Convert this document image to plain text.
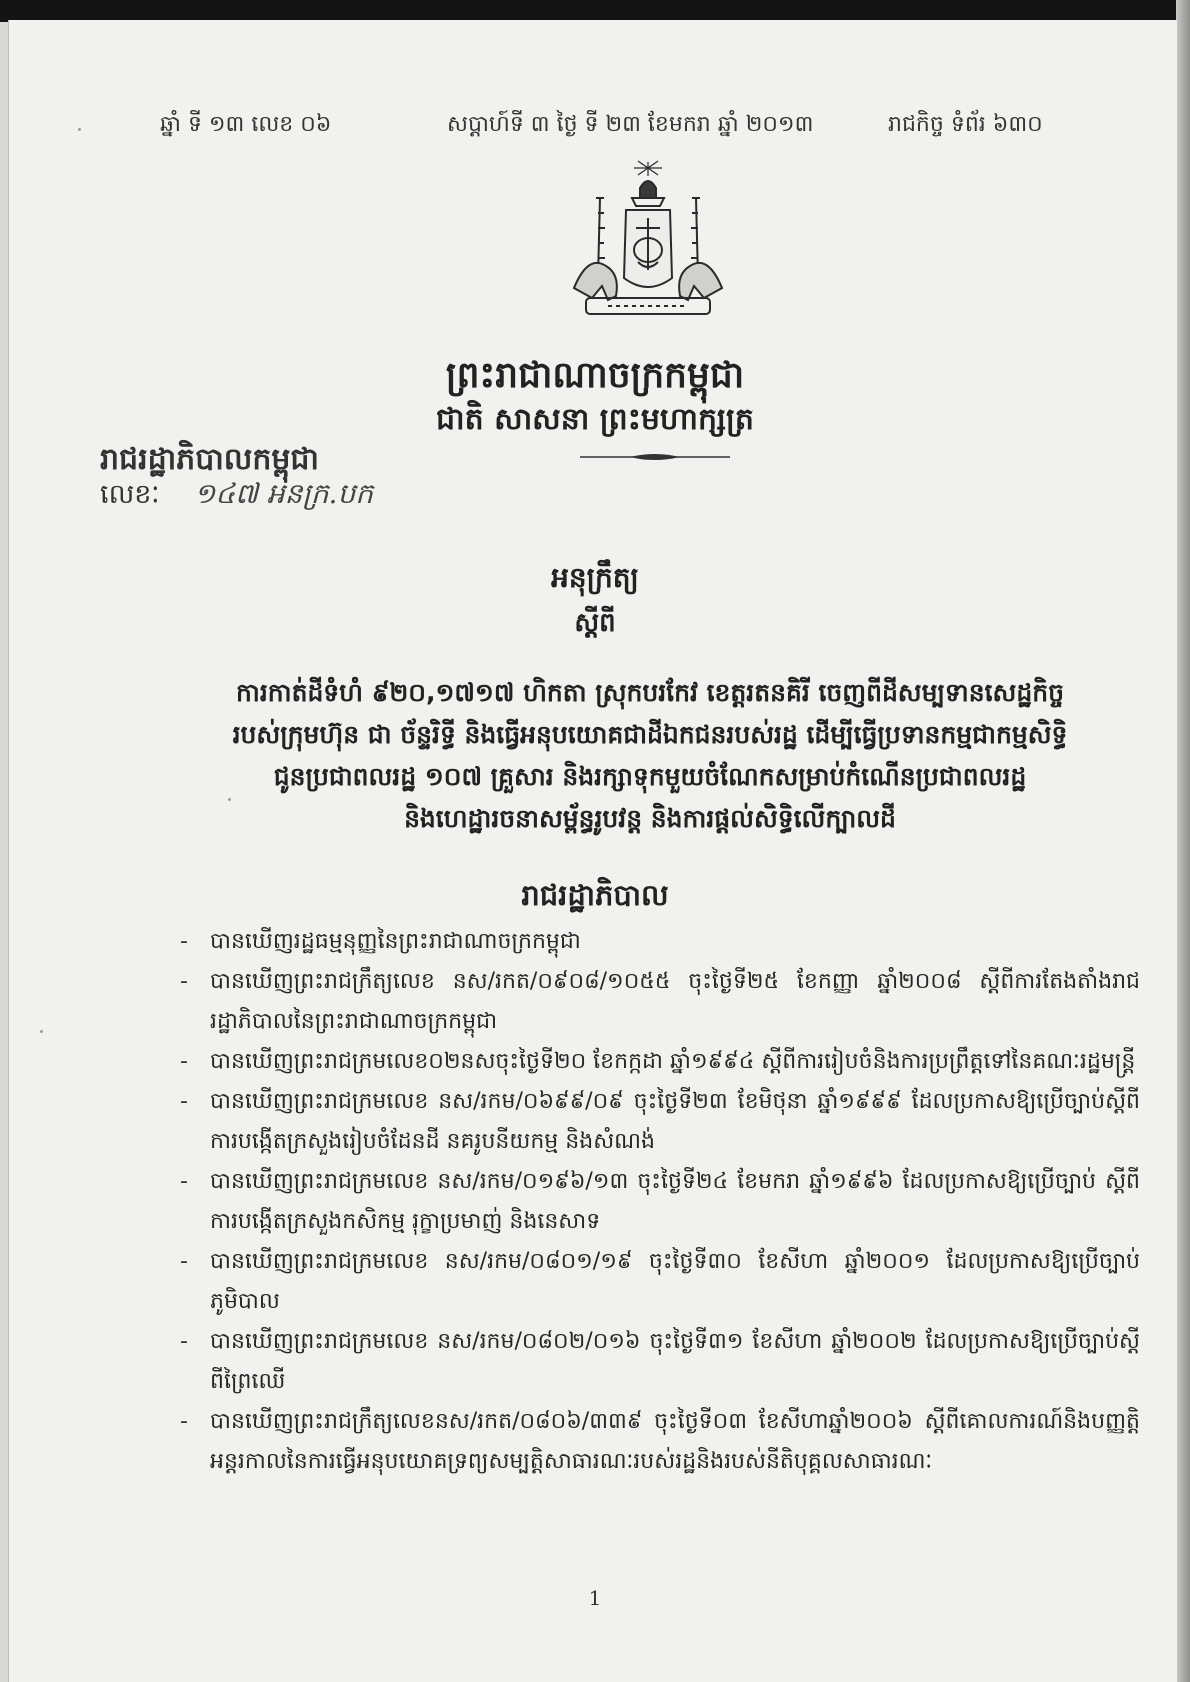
ឆ្នាំ ទី ១៣ លេខ ០៦	សប្តាហ៍ទី ៣ ថ្ងៃ ទី ២៣ ខែមករា ឆ្នាំ ២០១៣	រាជកិច្ច ទំព័រ ៦៣០
ព្រះរាជាណាចក្រកម្ពុជា
ជាតិ សាសនា ព្រះមហាក្សត្រ
រាជរដ្ឋាភិបាលកម្ពុជា
លេខៈ ១៤៧ អនក្រ.បក
អនុក្រឹត្យ
ស្តីពី
ការកាត់ដីទំហំ ៩២០,១៧១៧ ហិកតា ស្រុកបរកែវ ខេត្តរតនគិរី ចេញពីដីសម្បទានសេដ្ឋកិច្ច
របស់ក្រុមហ៊ុន ជា ច័ន្ទរិទ្ធី និងធ្វើអនុបយោគជាដីឯកជនរបស់រដ្ឋ ដើម្បីធ្វើប្រទានកម្មជាកម្មសិទ្ធិ
ជូនប្រជាពលរដ្ឋ ១០៧ គ្រួសារ និងរក្សាទុកមួយចំណែកសម្រាប់កំណើនប្រជាពលរដ្ឋ
និងហេដ្ឋារចនាសម្ព័ន្ធរូបវន្ត និងការផ្តល់សិទ្ធិលើក្បាលដី
រាជរដ្ឋាភិបាល
- បានឃើញរដ្ឋធម្មនុញ្ញនៃព្រះរាជាណាចក្រកម្ពុជា
- បានឃើញព្រះរាជក្រឹត្យលេខ នស/រកត/០៩០៨/១០៥៥ ចុះថ្ងៃទី២៥ ខែកញ្ញា ឆ្នាំ២០០៨ ស្តីពីការតែងតាំងរាជរដ្ឋាភិបាលនៃព្រះរាជាណាចក្រកម្ពុជា
- បានឃើញព្រះរាជក្រមលេខ០២នសចុះថ្ងៃទី២០ ខែកក្កដា ឆ្នាំ១៩៩៤ ស្តីពីការរៀបចំនិងការប្រព្រឹត្តទៅនៃគណៈរដ្ឋមន្ត្រី
- បានឃើញព្រះរាជក្រមលេខ នស/រកម/០៦៩៩/០៩ ចុះថ្ងៃទី២៣ ខែមិថុនា ឆ្នាំ១៩៩៩ ដែលប្រកាសឱ្យប្រើច្បាប់ស្តីពីការបង្កើតក្រសួងរៀបចំដែនដី នគរូបនីយកម្ម និងសំណង់
- បានឃើញព្រះរាជក្រមលេខ នស/រកម/០១៩៦/១៣ ចុះថ្ងៃទី២៤ ខែមករា ឆ្នាំ១៩៩៦ ដែលប្រកាសឱ្យប្រើច្បាប់ ស្តីពីការបង្កើតក្រសួងកសិកម្ម រុក្ខាប្រមាញ់ និងនេសាទ
- បានឃើញព្រះរាជក្រមលេខ នស/រកម/០៨០១/១៩ ចុះថ្ងៃទី៣០ ខែសីហា ឆ្នាំ២០០១ ដែលប្រកាសឱ្យប្រើច្បាប់ភូមិបាល
- បានឃើញព្រះរាជក្រមលេខ នស/រកម/០៨០២/០១៦ ចុះថ្ងៃទី៣១ ខែសីហា ឆ្នាំ២០០២ ដែលប្រកាសឱ្យប្រើច្បាប់ស្តីពីព្រៃឈើ
- បានឃើញព្រះរាជក្រឹត្យលេខនស/រកត/០៨០៦/៣៣៩ ចុះថ្ងៃទី០៣ ខែសីហាឆ្នាំ២០០៦ ស្តីពីគោលការណ៍និងបញ្ញត្តិអន្តរកាលនៃការធ្វើអនុបយោគទ្រព្យសម្បត្តិសាធារណៈរបស់រដ្ឋនិងរបស់នីតិបុគ្គលសាធារណៈ
1
